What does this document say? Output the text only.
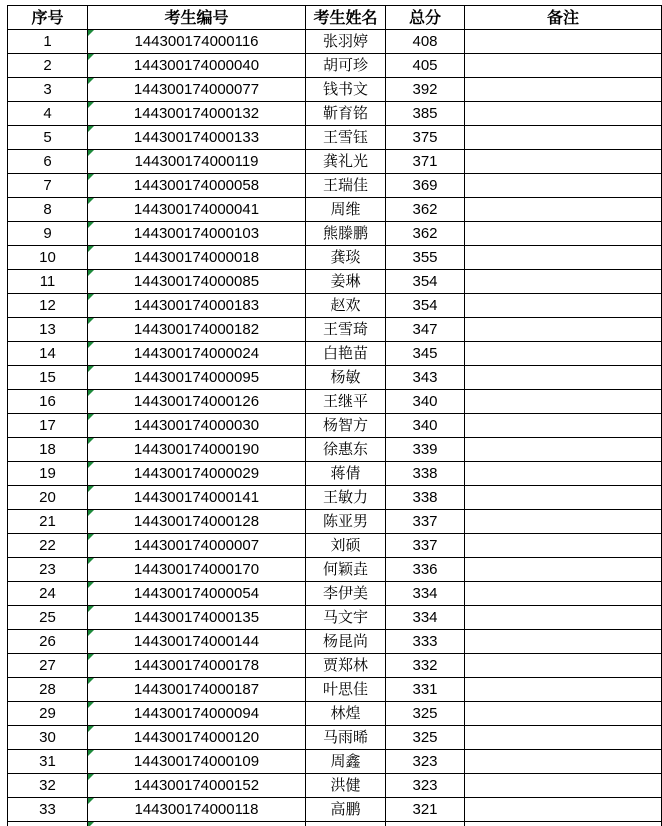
序号	考生编号	考生姓名	总分	备注
1	144300174000116	张羽婷	408	
2	144300174000040	胡可珍	405	
3	144300174000077	钱书文	392	
4	144300174000132	靳育铭	385	
5	144300174000133	王雪钰	375	
6	144300174000119	龚礼光	371	
7	144300174000058	王瑞佳	369	
8	144300174000041	周维	362	
9	144300174000103	熊滕鹏	362	
10	144300174000018	龚琰	355	
11	144300174000085	姜琳	354	
12	144300174000183	赵欢	354	
13	144300174000182	王雪琦	347	
14	144300174000024	白艳苗	345	
15	144300174000095	杨敏	343	
16	144300174000126	王继平	340	
17	144300174000030	杨智方	340	
18	144300174000190	徐惠东	339	
19	144300174000029	蒋倩	338	
20	144300174000141	王敏力	338	
21	144300174000128	陈亚男	337	
22	144300174000007	刘硕	337	
23	144300174000170	何颖垚	336	
24	144300174000054	李伊美	334	
25	144300174000135	马文宇	334	
26	144300174000144	杨昆尚	333	
27	144300174000178	贾郑林	332	
28	144300174000187	叶思佳	331	
29	144300174000094	林煌	325	
30	144300174000120	马雨晞	325	
31	144300174000109	周鑫	323	
32	144300174000152	洪健	323	
33	144300174000118	高鹏	321	
